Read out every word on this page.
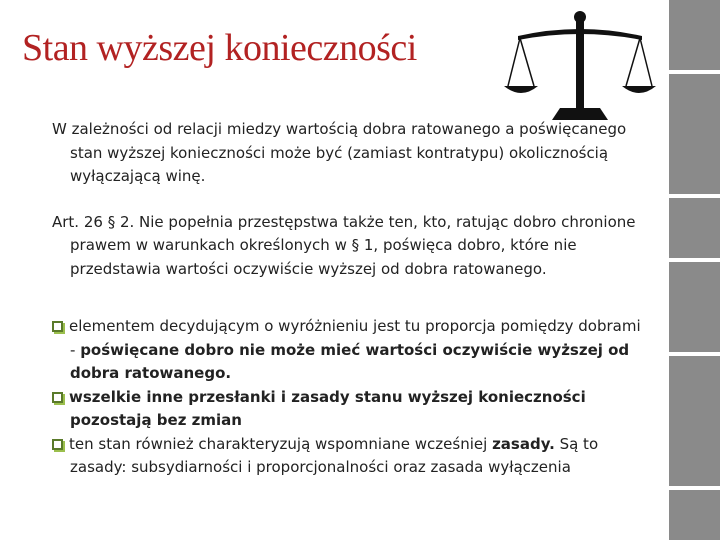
Stan wyższej konieczności

W zależności od relacji miedzy wartością dobra ratowanego a poświęcanego stan wyższej konieczności może być (zamiast kontratypu) okolicznością wyłączającą winę.

Art. 26 § 2. Nie popełnia przestępstwa także ten, kto, ratując dobro chronione prawem w warunkach określonych w § 1, poświęca dobro, które nie przedstawia wartości oczywiście wyższej od dobra ratowanego.

elementem decydującym o wyróżnieniu jest tu proporcja pomiędzy dobrami - poświęcane dobro nie może mieć wartości oczywiście wyższej od dobra ratowanego.

wszelkie inne przesłanki i zasady stanu wyższej konieczności pozostają bez zmian

ten stan również charakteryzują wspomniane wcześniej zasady. Są to zasady: subsydiarności i proporcjonalności oraz zasada wyłączenia
